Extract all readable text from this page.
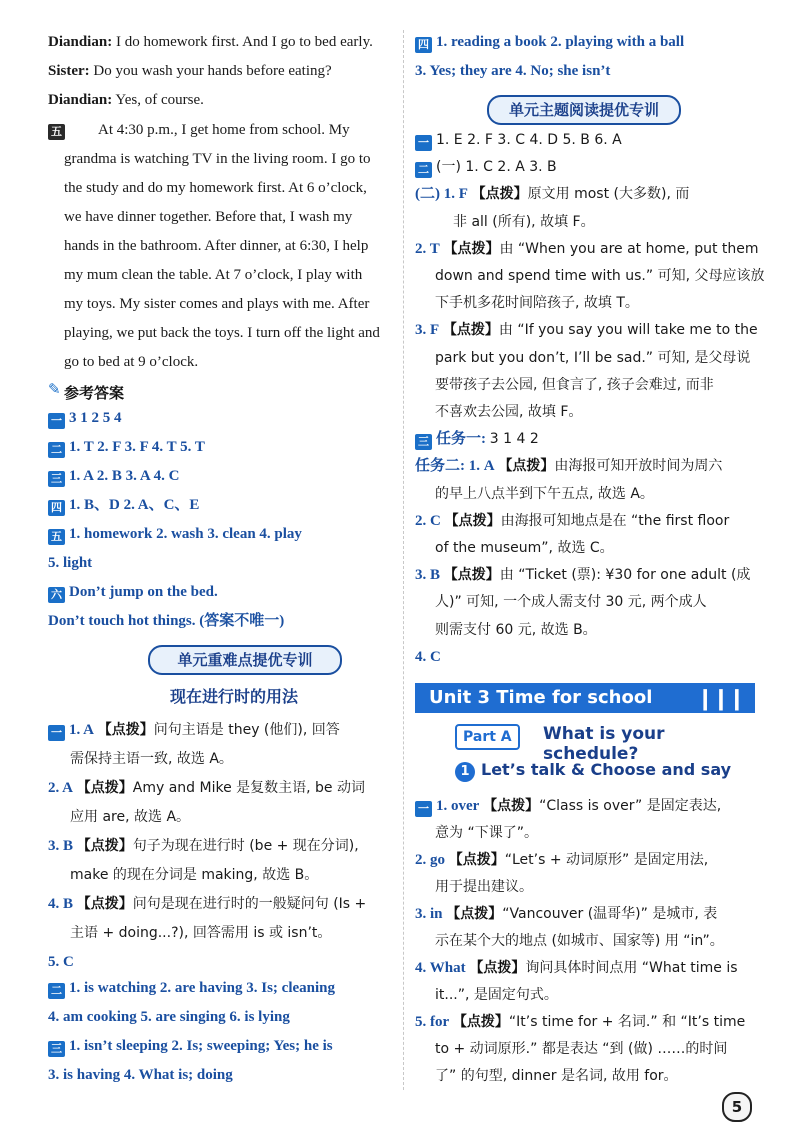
Diandian: I do homework first. And I go to bed early.
Sister: Do you wash your hands before eating?
Diandian: Yes, of course.
五 At 4:30 p.m., I get home from school. My
grandma is watching TV in the living room. I go to
the study and do my homework first. At 6 o’clock,
we have dinner together. Before that, I wash my
hands in the bathroom. After dinner, at 6:30, I help
my mum clean the table. At 7 o’clock, I play with
my toys. My sister comes and plays with me. After
playing, we put back the toys. I turn off the light and
go to bed at 9 o’clock.
参考答案
✎
一 3 1 2 5 4
二 1. T 2. F 3. F 4. T 5. T
三 1. A 2. B 3. A 4. C
四 1. B、D 2. A、C、E
五 1. homework 2. wash 3. clean 4. play
5. light
六 Don’t jump on the bed.
Don’t touch hot things. (答案不唯一)
单元重难点提优专训
现在进行时的用法
一 1. A 【点拨】问句主语是 they (他们), 回答
需保持主语一致, 故选 A。
2. A 【点拨】Amy and Mike 是复数主语, be 动词
应用 are, 故选 A。
3. B 【点拨】句子为现在进行时 (be + 现在分词),
make 的现在分词是 making, 故选 B。
4. B 【点拨】问句是现在进行时的一般疑问句 (Is +
主语 + doing...?), 回答需用 is 或 isn’t。
5. C
二 1. is watching 2. are having 3. Is; cleaning
4. am cooking 5. are singing 6. is lying
三 1. isn’t sleeping 2. Is; sweeping; Yes; he is
3. is having 4. What is; doing
四 1. reading a book 2. playing with a ball
3. Yes; they are 4. No; she isn’t
单元主题阅读提优专训
一 1. E 2. F 3. C 4. D 5. B 6. A
二 (一) 1. C 2. A 3. B
(二) 1. F 【点拨】原文用 most (大多数), 而
非 all (所有), 故填 F。
2. T 【点拨】由 “When you are at home, put them
down and spend time with us.” 可知, 父母应该放
下手机多花时间陪孩子, 故填 T。
3. F 【点拨】由 “If you say you will take me to the
park but you don’t, I’ll be sad.” 可知, 是父母说
要带孩子去公园, 但食言了, 孩子会难过, 而非
不喜欢去公园, 故填 F。
三 任务一: 3 1 4 2
任务二: 1. A 【点拨】由海报可知开放时间为周六
的早上八点半到下午五点, 故选 A。
2. C 【点拨】由海报可知地点是在 “the first floor
of the museum”, 故选 C。
3. B 【点拨】由 “Ticket (票): ¥30 for one adult (成
人)” 可知, 一个成人需支付 30 元, 两个成人
则需支付 60 元, 故选 B。
4. C
Unit 3 Time for school	▎▎▎
Part A	What is your schedule?
1 Let’s talk & Choose and say
一 1. over 【点拨】“Class is over” 是固定表达,
意为 “下课了”。
2. go 【点拨】“Let’s + 动词原形” 是固定用法,
用于提出建议。
3. in 【点拨】“Vancouver (温哥华)” 是城市, 表
示在某个大的地点 (如城市、国家等) 用 “in”。
4. What 【点拨】询问具体时间点用 “What time is
it...”, 是固定句式。
5. for 【点拨】“It’s time for + 名词.” 和 “It’s time
to + 动词原形.” 都是表达 “到 (做) ……的时间
了” 的句型, dinner 是名词, 故用 for。
5
